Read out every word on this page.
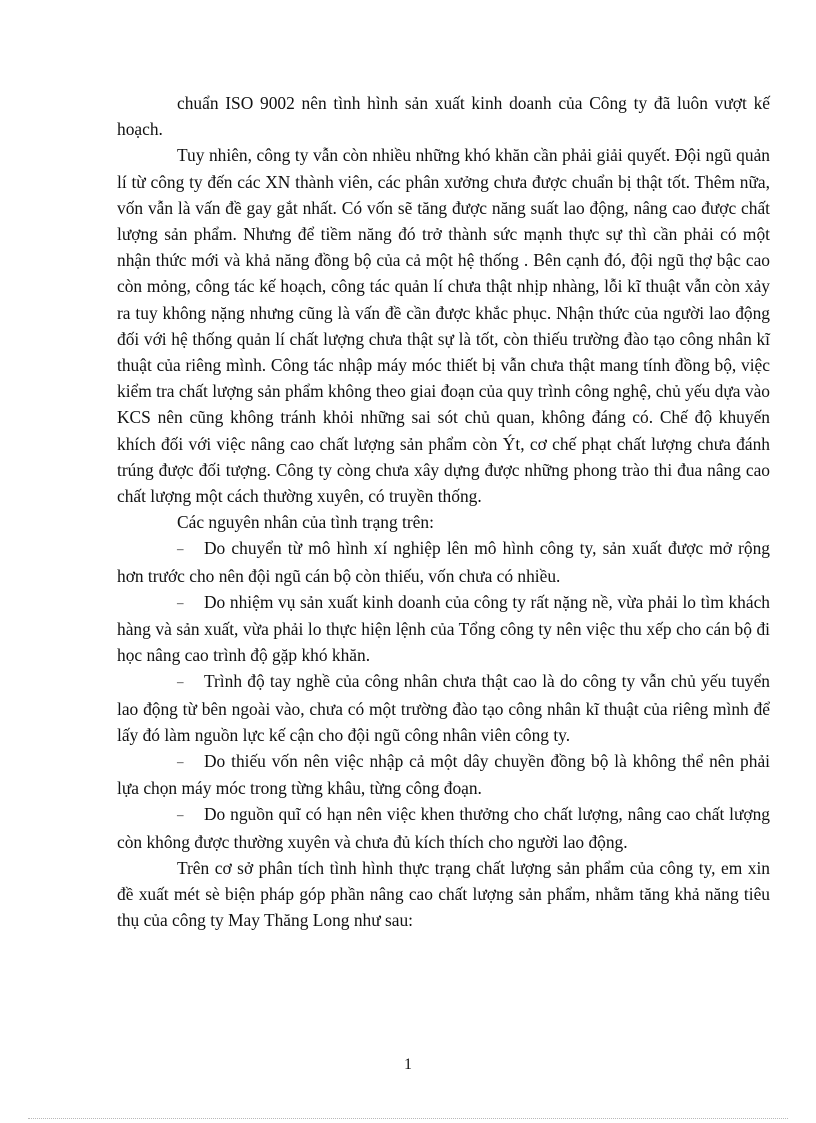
chuẩn ISO 9002 nên tình hình sản xuất kinh doanh của Công ty đã luôn vượt kế hoạch.

Tuy nhiên, công ty vẫn còn nhiều những khó khăn cần phải giải quyết. Đội ngũ quản lí từ công ty đến các XN thành viên, các phân xưởng chưa được chuẩn bị thật tốt. Thêm nữa, vốn vẫn là vấn đề gay gắt nhất. Có vốn sẽ tăng được năng suất lao động, nâng cao được chất lượng sản phẩm. Nhưng để tiềm năng đó trở thành sức mạnh thực sự thì cần phải có một nhận thức mới và khả năng đồng bộ của cả một hệ thống . Bên cạnh đó, đội ngũ thợ bậc cao còn mỏng, công tác kế hoạch, công tác quản lí chưa thật nhịp nhàng, lỗi kĩ thuật vẫn còn xảy ra tuy không nặng nhưng cũng là vấn đề cần được khắc phục. Nhận thức của người lao động đối với hệ thống quản lí chất lượng chưa thật sự là tốt, còn thiếu trường đào tạo công nhân kĩ thuật của riêng mình. Công tác nhập máy móc thiết bị vẫn chưa thật mang tính đồng bộ, việc kiểm tra chất lượng sản phẩm không theo giai đoạn của quy trình công nghệ, chủ yếu dựa vào KCS nên cũng không tránh khỏi những sai sót chủ quan, không đáng có. Chế độ khuyến khích đối với việc nâng cao chất lượng sản phẩm còn Ýt, cơ chế phạt chất lượng chưa đánh trúng được đối tượng. Công ty còng chưa xây dựng được những phong trào thi đua nâng cao chất lượng một cách thường xuyên, có truyền thống.

Các nguyên nhân của tình trạng trên:

– Do chuyển từ mô hình xí nghiệp lên mô hình công ty, sản xuất được mở rộng hơn trước cho nên đội ngũ cán bộ còn thiếu, vốn chưa có nhiều.

– Do nhiệm vụ sản xuất kinh doanh của công ty rất nặng nề, vừa phải lo tìm khách hàng và sản xuất, vừa phải lo thực hiện lệnh của Tổng công ty nên việc thu xếp cho cán bộ đi học nâng cao trình độ gặp khó khăn.

– Trình độ tay nghề của công nhân chưa thật cao là do công ty vẫn chủ yếu tuyển lao động từ bên ngoài vào, chưa có một trường đào tạo công nhân kĩ thuật của riêng mình để lấy đó làm nguồn lực kế cận cho đội ngũ công nhân viên công ty.

– Do thiếu vốn nên việc nhập cả một dây chuyền đồng bộ là không thể nên phải lựa chọn máy móc trong từng khâu, từng công đoạn.

– Do nguồn quĩ có hạn nên việc khen thưởng cho chất lượng, nâng cao chất lượng còn không được thường xuyên và chưa đủ kích thích cho người lao động.

Trên cơ sở phân tích tình hình thực trạng chất lượng sản phẩm của công ty, em xin đề xuất mét sè biện pháp góp phần nâng cao chất lượng sản phẩm, nhằm tăng khả năng tiêu thụ của công ty May Thăng Long như sau:

1
